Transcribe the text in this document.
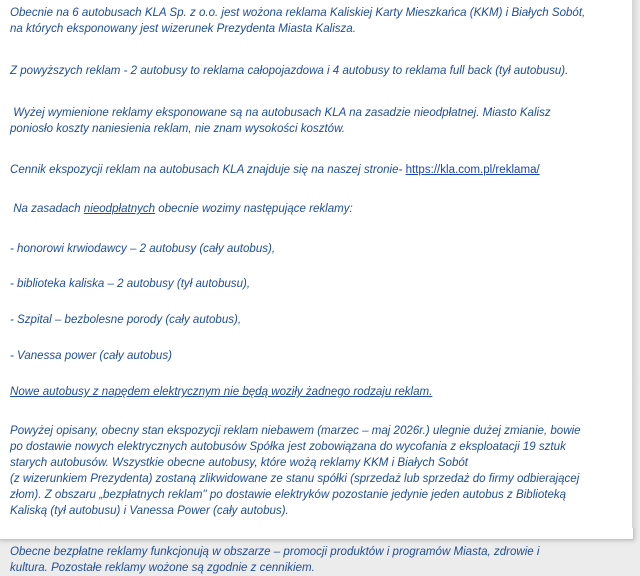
Obecnie na 6 autobusach KLA Sp. z o.o. jest wożona reklama Kaliskiej Karty Mieszkańca (KKM) i Białych Sobót,
na których eksponowany jest wizerunek Prezydenta Miasta Kalisza.

Z powyższych reklam - 2 autobusy to reklama całopojazdowa i 4 autobusy to reklama full back (tył autobusu).

Wyżej wymienione reklamy eksponowane są na autobusach KLA na zasadzie nieodpłatnej. Miasto Kalisz
poniosło koszty naniesienia reklam, nie znam wysokości kosztów.

Cennik ekspozycji reklam na autobusach KLA znajduje się na naszej stronie- https://kla.com.pl/reklama/

Na zasadach nieodpłatnych obecnie wozimy następujące reklamy:

- honorowi krwiodawcy – 2 autobusy (cały autobus),

- biblioteka kaliska – 2 autobusy (tył autobusu),

- Szpital – bezbolesne porody (cały autobus),

- Vanessa power (cały autobus)

Nowe autobusy z napędem elektrycznym nie będą woziły żadnego rodzaju reklam.

Powyżej opisany, obecny stan ekspozycji reklam niebawem (marzec – maj 2026r.) ulegnie dużej zmianie, bowie
po dostawie nowych elektrycznych autobusów Spółka jest zobowiązana do wycofania z eksploatacji 19 sztuk
starych autobusów. Wszystkie obecne autobusy, które wożą reklamy KKM i Białych Sobót
(z wizerunkiem Prezydenta) zostaną zlikwidowane ze stanu spółki (sprzedaż lub sprzedaż do firmy odbierającej
złom). Z obszaru „bezpłatnych reklam" po dostawie elektryków pozostanie jedynie jeden autobus z Biblioteką
Kaliską (tył autobusu) i Vanessa Power (cały autobus).

Obecne bezpłatne reklamy funkcjonują w obszarze – promocji produktów i programów Miasta, zdrowie i
kultura. Pozostałe reklamy wożone są zgodnie z cennikiem.
